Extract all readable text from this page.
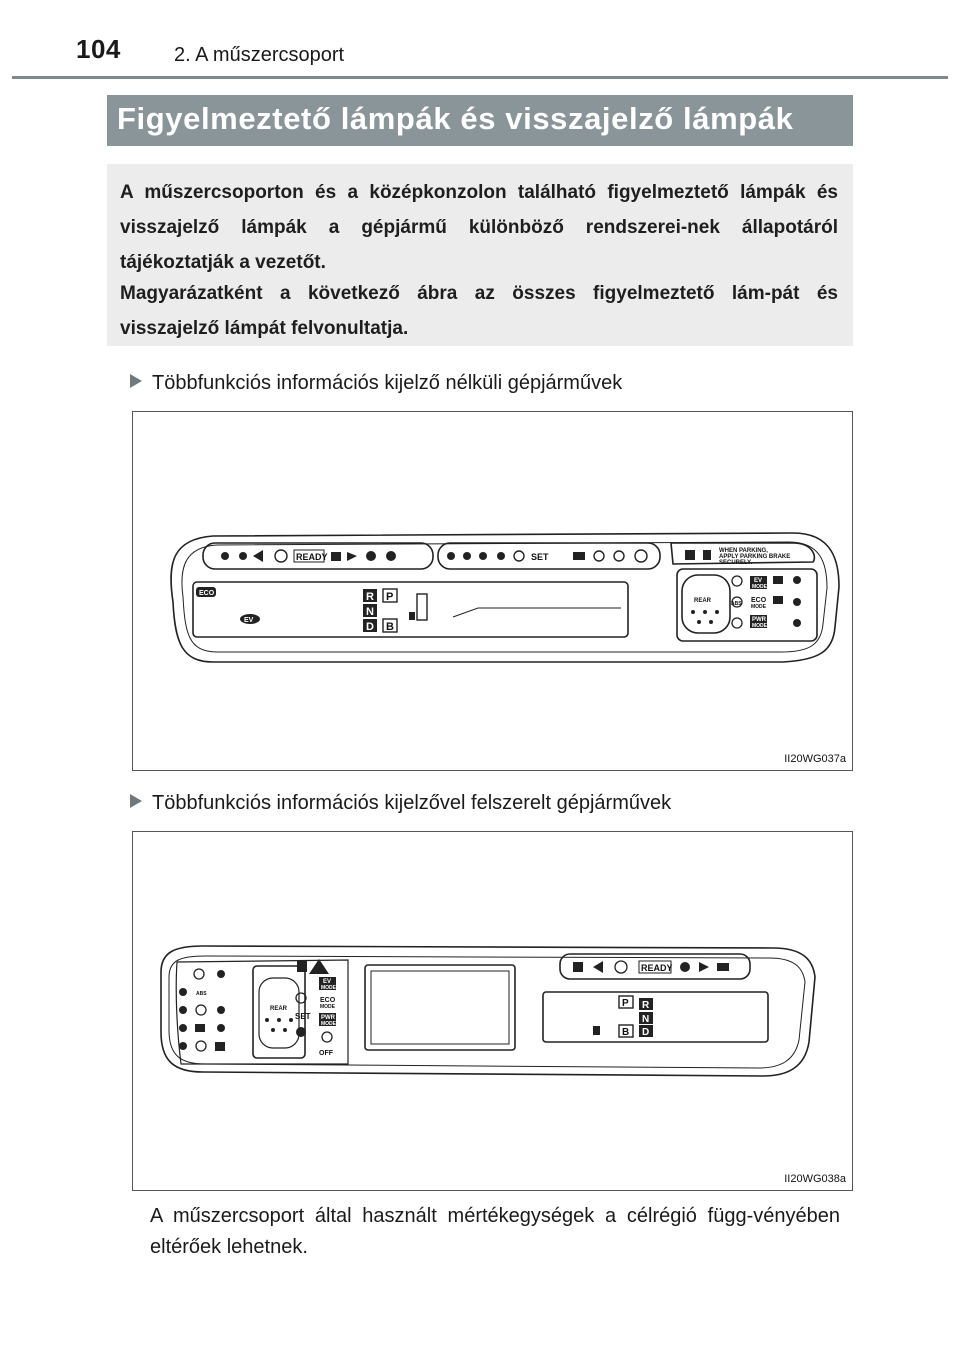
104	2. A műszercsoport
Figyelmeztető lámpák és visszajelző lámpák
A műszercsoporton és a középkonzolon található figyelmeztető lámpák és visszajelző lámpák a gépjármű különböző rendszerei-nek állapotáról tájékoztatják a vezetőt.
Magyarázatként a következő ábra az összes figyelmeztető lám-pát és visszajelző lámpát felvonultatja.
Többfunkciós információs kijelző nélküli gépjárművek
READY	SET
ECO
EV
R P
N
D B
WHEN PARKING,
APPLY PARKING BRAKE
SECURELY.
REAR
EV
MODE
ECO
MODE
PWR
MODE
ABS
II20WG037a
Többfunkciós információs kijelzővel felszerelt gépjárművek
READY
SET
OFF
REAR
ABS
EV
MODE
ECO
MODE
PWR
MODE
P R
N
B D
II20WG038a
A műszercsoport által használt mértékegységek a célrégió függ-vényében eltérőek lehetnek.
